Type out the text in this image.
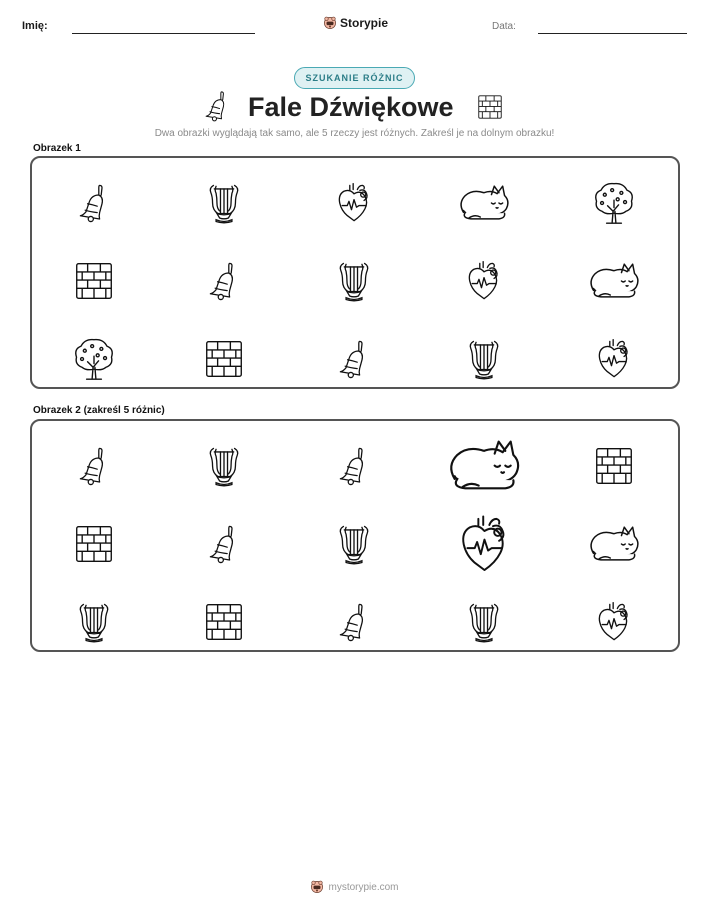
Imię:	Storypie	Data:
SZUKANIE RÓŻNIC
Fale Dźwiękowe
Dwa obrazki wyglądają tak samo, ale 5 rzeczy jest różnych. Zakreśl je na dolnym obrazku!
Obrazek 1
Obrazek 2 (zakreśl 5 różnic)
mystorypie.com
